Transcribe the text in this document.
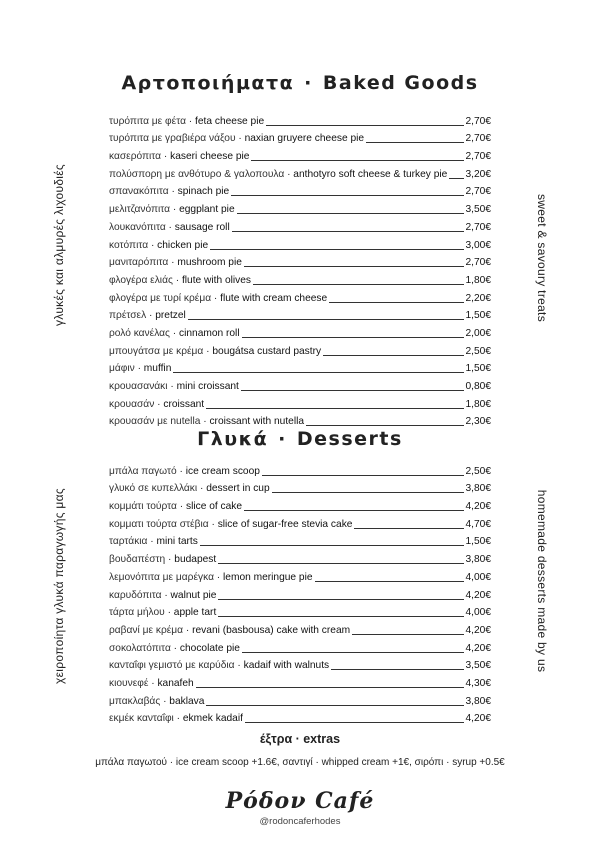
Αρτοποιήματα · Baked Goods
τυρόπιτα με φέτα · feta cheese pie	2,70€
τυρόπιτα με γραβιέρα νάξου · naxian gruyere cheese pie	2,70€
κασερόπιτα · kaseri cheese pie	2,70€
πολύσπορη με ανθότυρο & γαλοπουλα · anthotyro soft cheese & turkey pie 3,20€
σπανακόπιτα · spinach pie	2,70€
μελιτζανόπιτα · eggplant pie	3,50€
λουκανόπιτα · sausage roll	2,70€
κοτόπιτα · chicken pie	3,00€
μανιταρόπιτα · mushroom pie	2,70€
φλογέρα ελιάς · flute with olives	1,80€
φλογέρα με τυρί κρέμα · flute with cream cheese	2,20€
πρέτσελ · pretzel	1,50€
ρολό κανέλας · cinnamon roll	2,00€
μπουγάτσα με κρέμα · bougátsa custard pastry	2,50€
μάφιν · muffin	1,50€
κρουασανάκι · mini croissant	0,80€
κρουασάν · croissant	1,80€
κρουασάν με nutella · croissant with nutella	2,30€
γλυκές και αλμυρές λιχουδιές	sweet & savoury treats
Γλυκά · Desserts
μπάλα παγωτό · ice cream scoop	2,50€
γλυκό σε κυπελλάκι · dessert in cup	3,80€
κομμάτι τούρτα · slice of cake	4,20€
κομματι τούρτα στέβια · slice of sugar-free stevia cake	4,70€
ταρτάκια · mini tarts	1,50€
βουδαπέστη · budapest	3,80€
λεμονόπιτα με μαρέγκα · lemon meringue pie	4,00€
καρυδόπιτα · walnut pie	4,20€
τάρτα μήλου · apple tart	4,00€
ραβανί με κρέμα · revani (basbousa) cake with cream	4,20€
σοκολατόπιτα · chocolate pie	4,20€
κανταΐφι γεμιστό με καρύδια · kadaif with walnuts	3,50€
κιουνεφέ · kanafeh	4,30€
μπακλαβάς · baklava	3,80€
εκμέκ κανταΐφι · ekmek kadaif	4,20€
χειροποίητα γλυκά παραγωγής μας	homemade desserts made by us
έξτρα · extras
μπάλα παγωτού · ice cream scoop +1.6€, σαντιγί · whipped cream +1€, σιρόπι · syrup +0.5€
Ρόδον Café
@rodoncaferhodes
